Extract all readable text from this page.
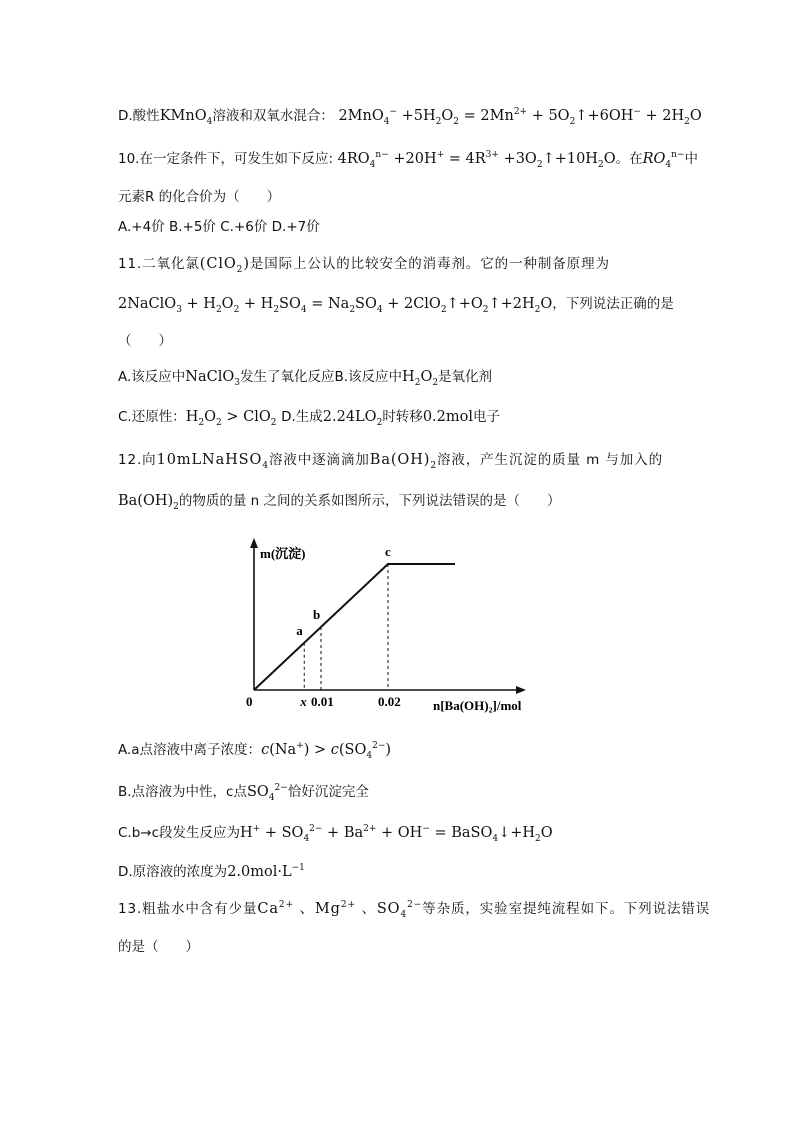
D.酸性KMnO$_4$溶液和双氧水混合： $2MnO_4^- +5H_2O_2 = 2Mn^{2+}$ + $5O_2↑+6OH^- + 2H_2O$
10.在一定条件下，可发生如下反应: $4RO_4^{n-} +20H^+ = 4R^{3+}$ $+3O_2↑+10H_2O$。在$RO_4^{n-}$中
元素R 的化合价为（　　）
A.+4价 B.+5价 C.+6价 D.+7价
11.二氧化氯(ClO$_2$)是国际上公认的比较安全的消毒剂。它的一种制备原理为
2NaClO$_3$ + $H_2O_2 + H_2SO_4 = Na_2SO_4$ + $2ClO_2↑+O_2↑+2H_2O$，下列说法正确的是
（　　）
A.该反应中NaClO$_3$发生了氧化反应B.该反应中$H_2O_2$是氧化剂
C.还原性：$H_2O_2 > ClO_2$ D.生成$2.24LO_2$时转移0.2mol电子
12.向10mLNaHSO$_4$溶液中逐滴滴加$Ba(OH)_2$溶液，产生沉淀的质量 m 与加入的
$Ba(OH)_2$的物质的量 n 之间的关系如图所示，下列说法错误的是（　　）
m(沉淀)
n[Ba(OH)₂]/mol
0	x 0.01	0.02
a
b
c
A.a点溶液中离子浓度：$c(Na^+) > c(SO_4^{2-})$
B.点溶液为中性，c点$SO_4^{2-}$恰好沉淀完全
C.b→c段发生反应为$H^+ + SO_4^{2-} + Ba^{2+} + OH^-$ = $BaSO_4↓+H_2O$
D.原溶液的浓度为$2.0mol\cdot L^{-1}$
13.粗盐水中含有少量$Ca^{2+}$ 、$Mg^{2+}$ 、$SO_4^{2-}$等杂质，实验室提纯流程如下。下列说法错误
的是（　　）
